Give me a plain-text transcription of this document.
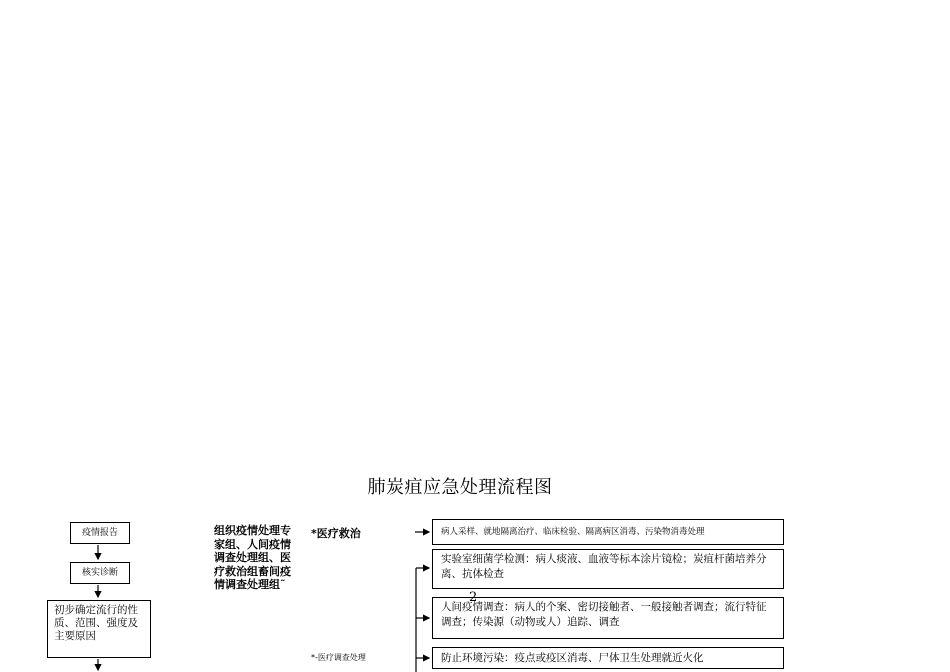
肺炭疽应急处理流程图
疫情报告
核实诊断
初步确定流行的性质、范围、强度及主要原因
组织疫情处理专家组、人间疫情调查处理组、医疗救治组畜间疫情调查处理组˜
*医疗救治
*-医疗调查处理
病人采样、就地隔离治疗、临床检验、隔离病区消毒、污染物消毒处理
实验室细菌学检测：病人痰液、血液等标本涂片镜检；炭疽杆菌培养分离、抗体检查
人间疫情调查：病人的个案、密切接触者、一般接触者调查；流行特征调查；传染源（动物或人）追踪、调查
防止环境污染：疫点或疫区消毒、尸体卫生处理就近火化
2
